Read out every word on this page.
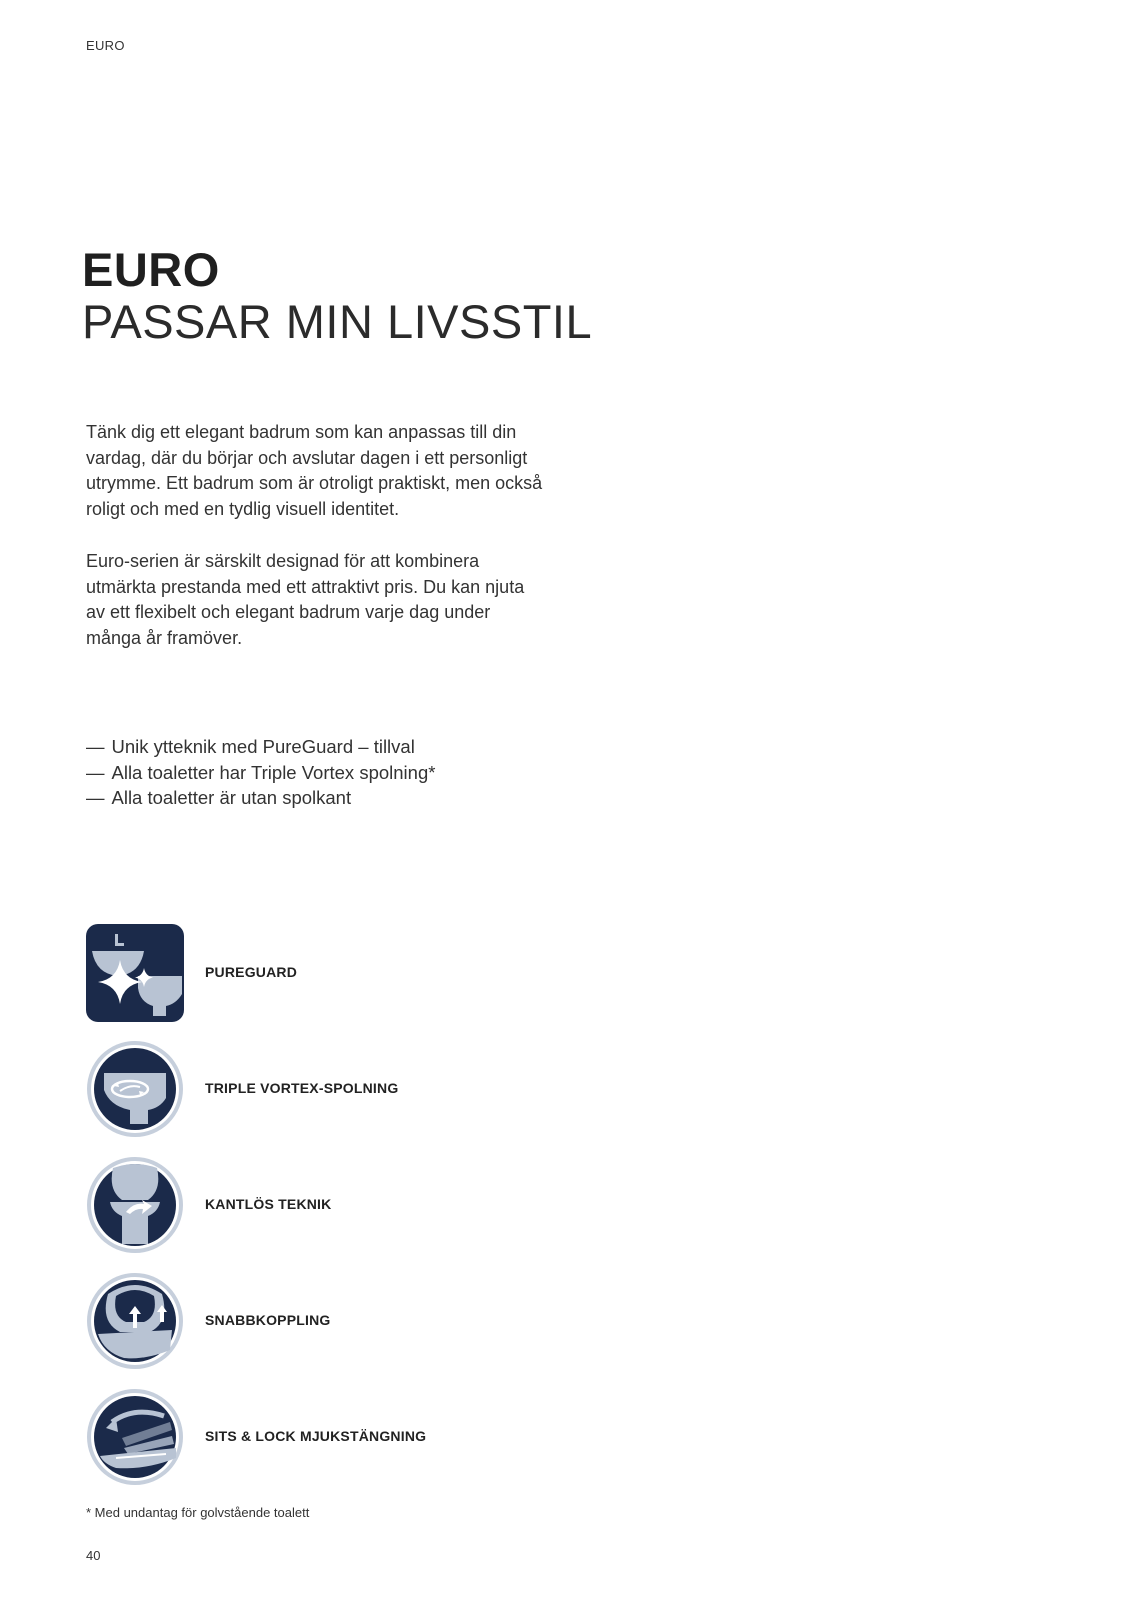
EURO
EURO
PASSAR MIN LIVSSTIL

Tänk dig ett elegant badrum som kan anpassas till din vardag, där du börjar och avslutar dagen i ett personligt utrymme. Ett badrum som är otroligt praktiskt, men också roligt och med en tydlig visuell identitet.

Euro-serien är särskilt designad för att kombinera utmärkta prestanda med ett attraktivt pris. Du kan njuta av ett flexibelt och elegant badrum varje dag under många år framöver.

— Unik ytteknik med PureGuard – tillval
— Alla toaletter har Triple Vortex spolning*
— Alla toaletter är utan spolkant
PUREGUARD
TRIPLE VORTEX-SPOLNING
KANTLÖS TEKNIK
SNABBKOPPLING
SITS & LOCK MJUKSTÄNGNING
* Med undantag för golvstående toalett
40
